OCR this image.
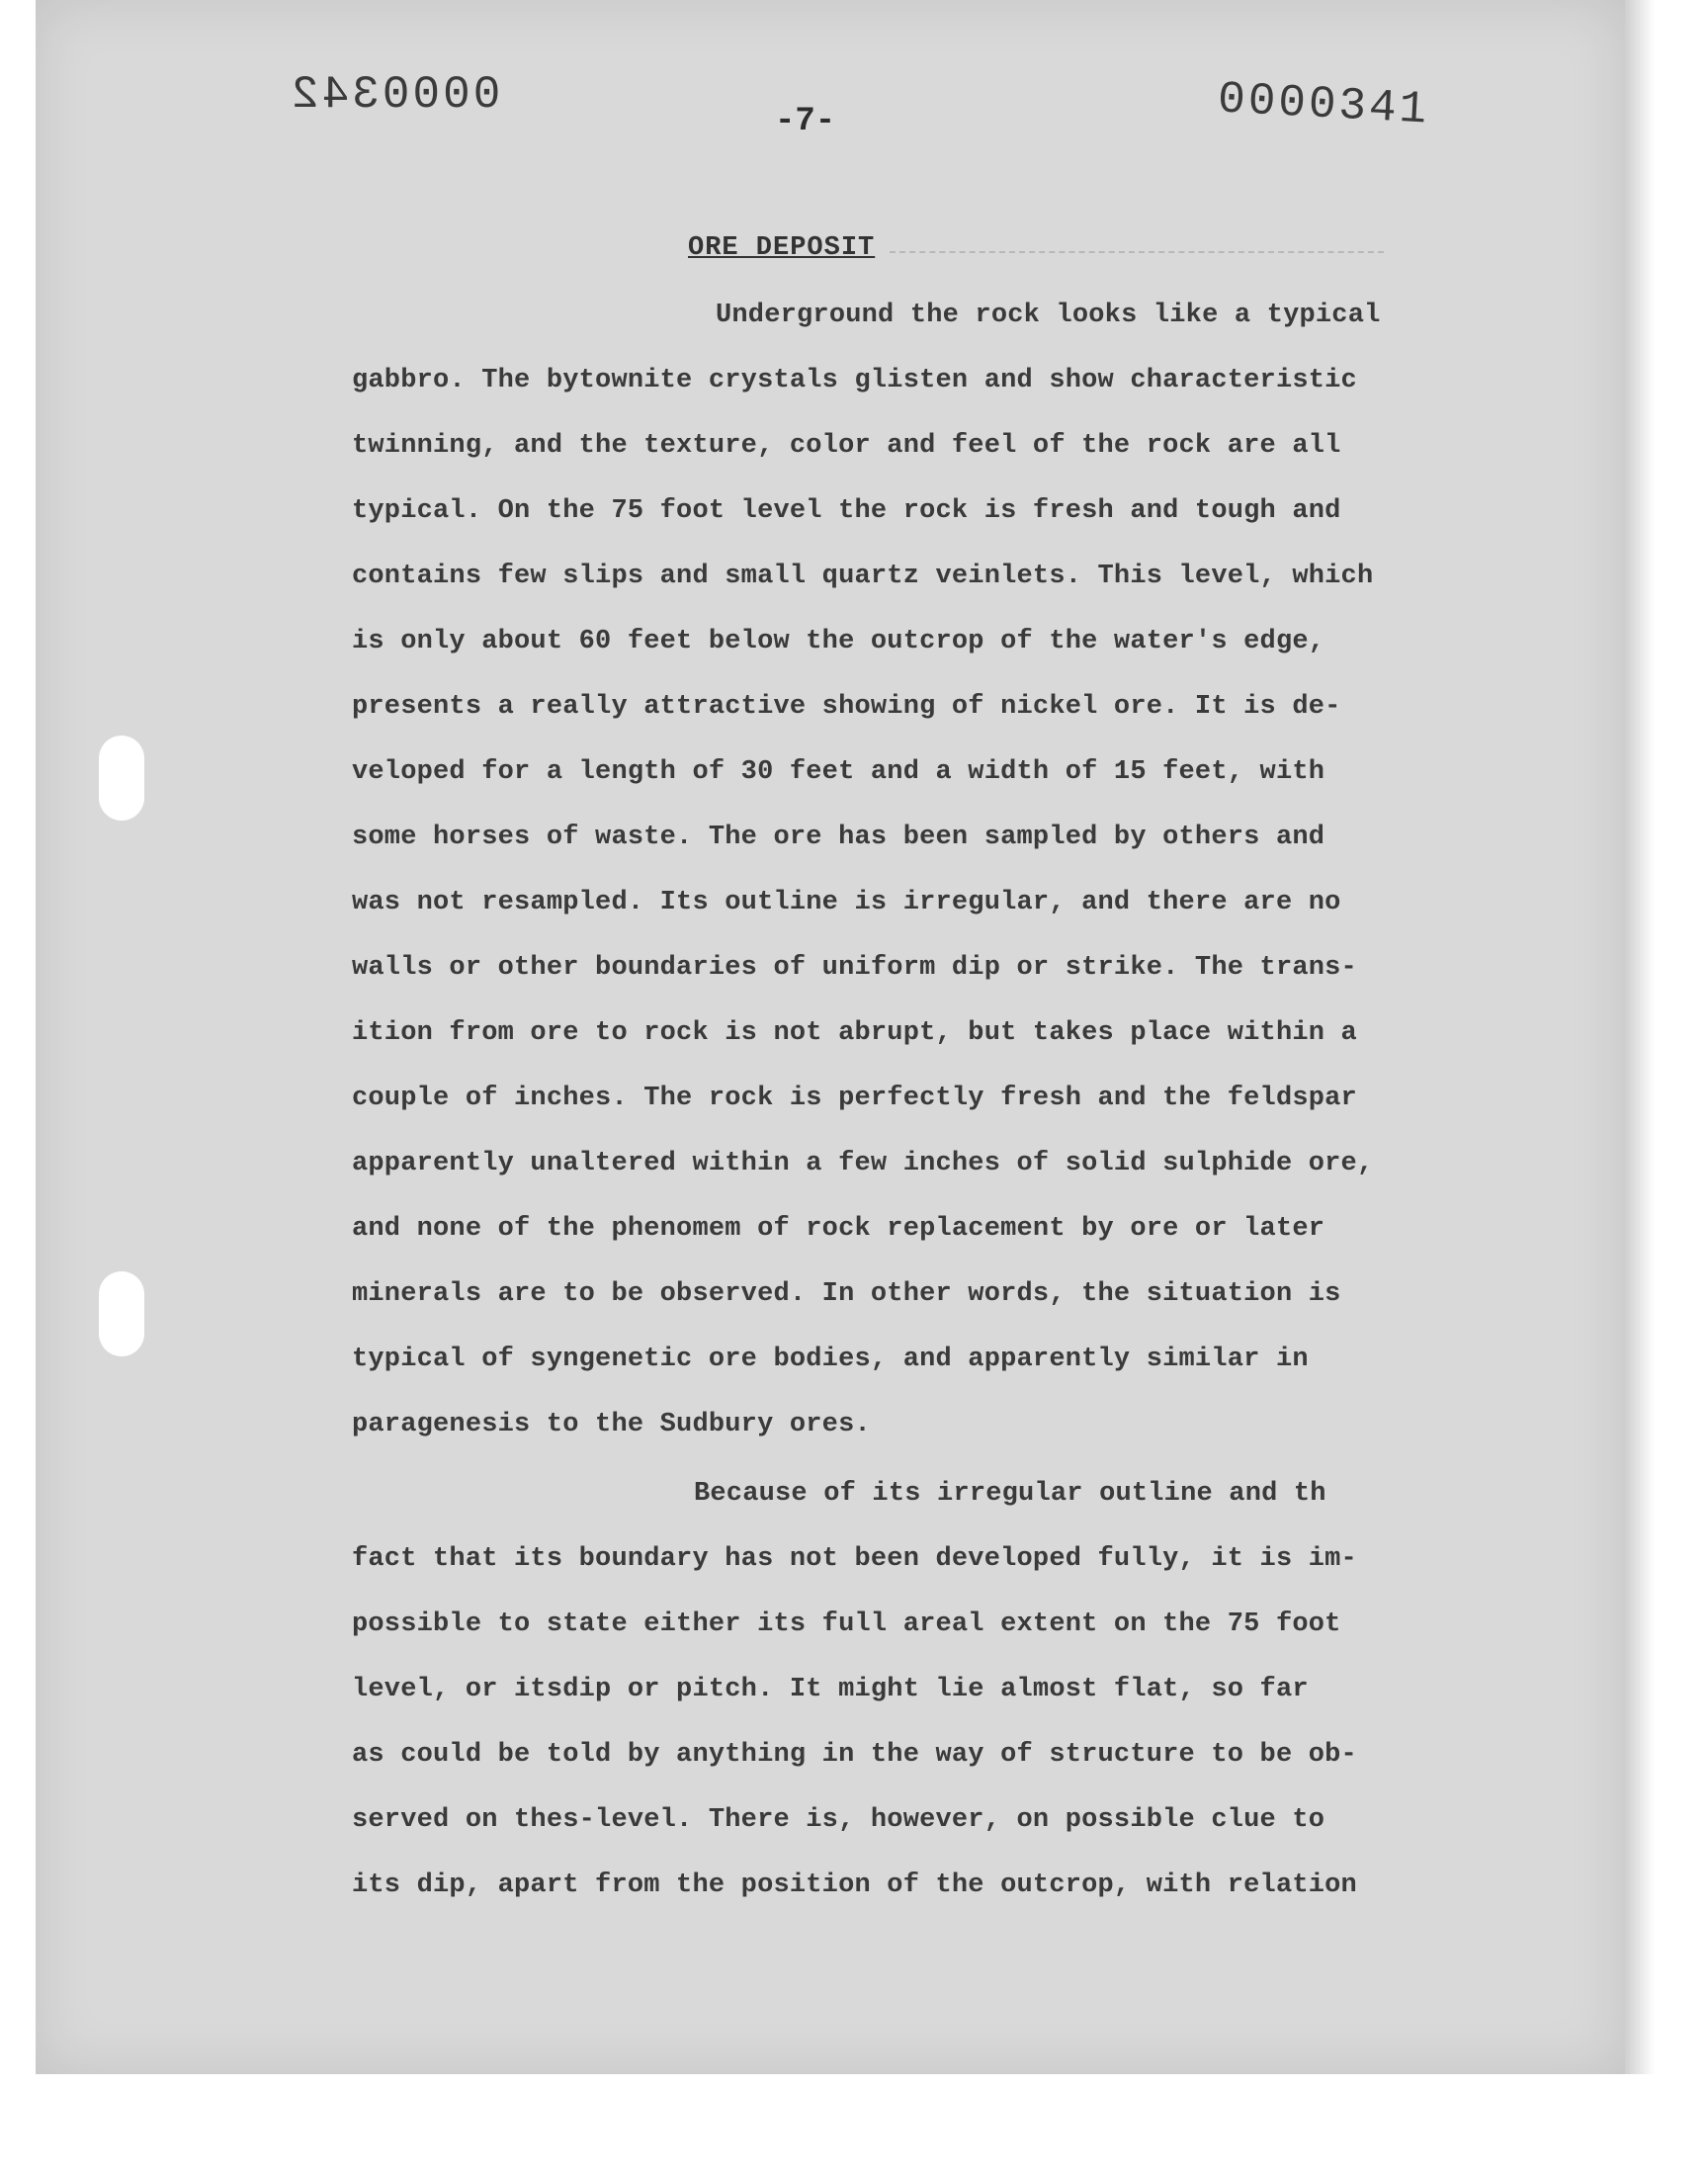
0000342	0000341
-7-
ORE DEPOSIT
Underground the rock looks like a typical
gabbro. The bytownite crystals glisten and show characteristic
twinning, and the texture, color and feel of the rock are all
typical. On the 75 foot level the rock is fresh and tough and
contains few slips and small quartz veinlets. This level, which
is only about 60 feet below the outcrop of the water's edge,
presents a really attractive showing of nickel ore. It is de-
veloped for a length of 30 feet and a width of 15 feet, with
some horses of waste. The ore has been sampled by others and
was not resampled. Its outline is irregular, and there are no
walls or other boundaries of uniform dip or strike. The trans-
ition from ore to rock is not abrupt, but takes place within a
couple of inches. The rock is perfectly fresh and the feldspar
apparently unaltered within a few inches of solid sulphide ore,
and none of the phenomem of rock replacement by ore or later
minerals are to be observed. In other words, the situation is
typical of syngenetic ore bodies, and apparently similar in
paragenesis to the Sudbury ores.
Because of its irregular outline and th
fact that its boundary has not been developed fully, it is im-
possible to state either its full areal extent on the 75 foot
level, or itsdip or pitch. It might lie almost flat, so far
as could be told by anything in the way of structure to be ob-
served on thes-level. There is, however, on possible clue to
its dip, apart from the position of the outcrop, with relation
